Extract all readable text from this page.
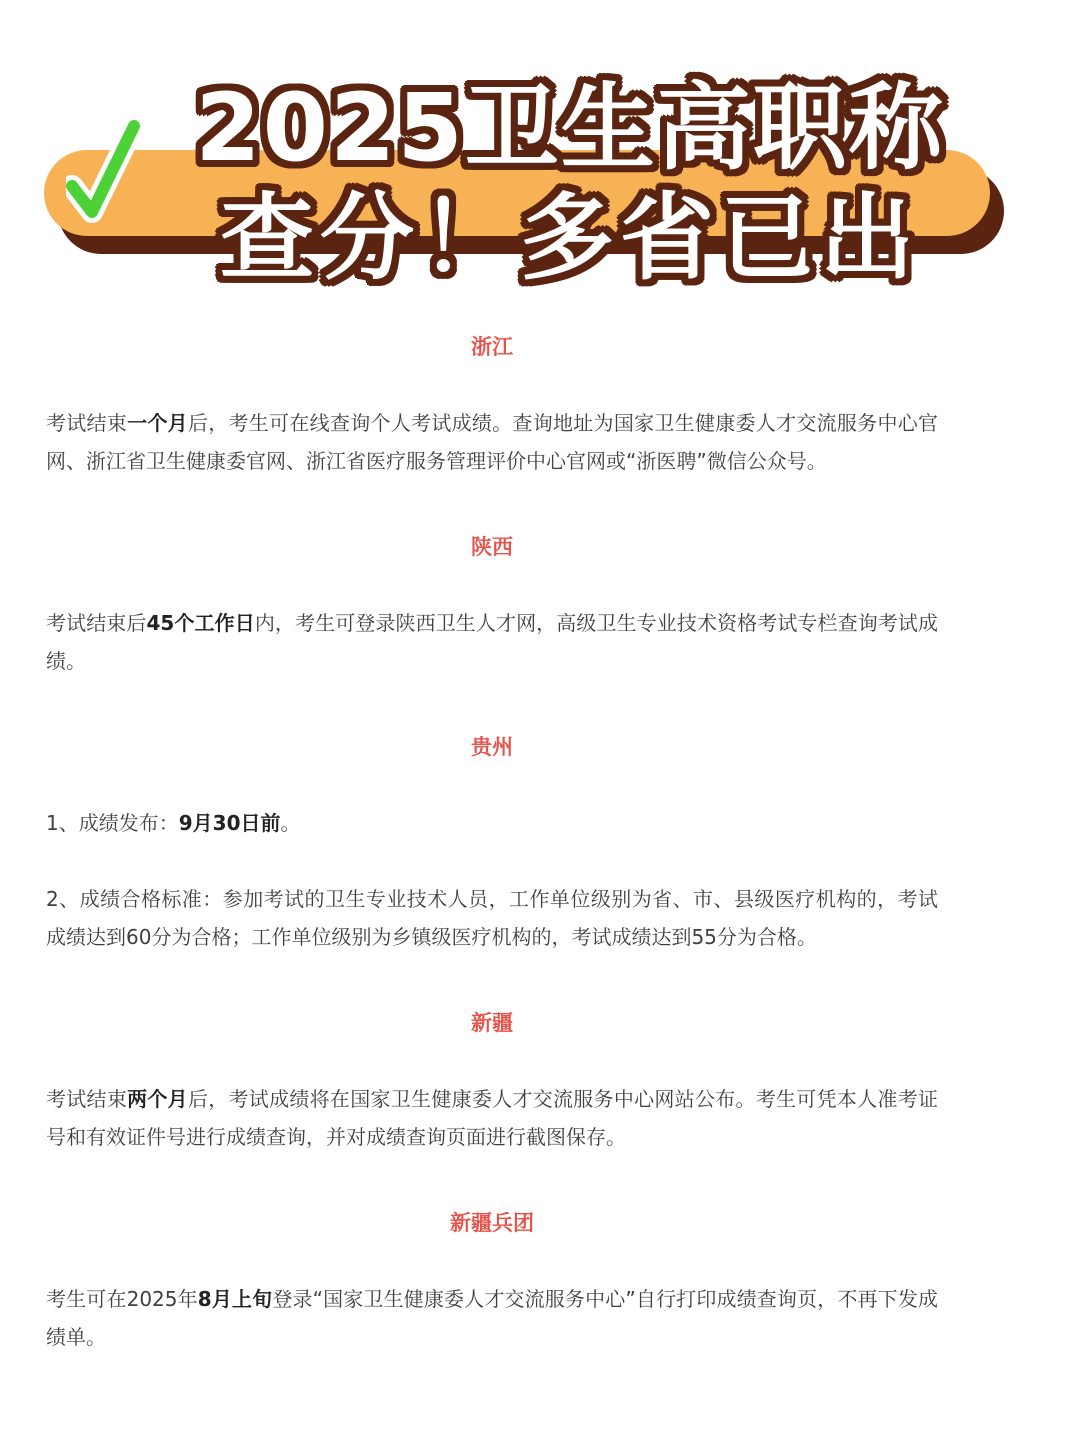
2025卫生高职称
查分！多省已出
浙江

考试结束一个月后，考生可在线查询个人考试成绩。查询地址为国家卫生健康委人才交流服务中心官网、浙江省卫生健康委官网、浙江省医疗服务管理评价中心官网或“浙医聘”微信公众号。

陕西

考试结束后45个工作日内，考生可登录陕西卫生人才网，高级卫生专业技术资格考试专栏查询考试成绩。

贵州

1、成绩发布：9月30日前。

2、成绩合格标准：参加考试的卫生专业技术人员，工作单位级别为省、市、县级医疗机构的，考试成绩达到60分为合格；工作单位级别为乡镇级医疗机构的，考试成绩达到55分为合格。

新疆

考试结束两个月后，考试成绩将在国家卫生健康委人才交流服务中心网站公布。考生可凭本人准考证号和有效证件号进行成绩查询，并对成绩查询页面进行截图保存。

新疆兵团

考生可在2025年8月上旬登录“国家卫生健康委人才交流服务中心”自行打印成绩查询页，不再下发成绩单。
